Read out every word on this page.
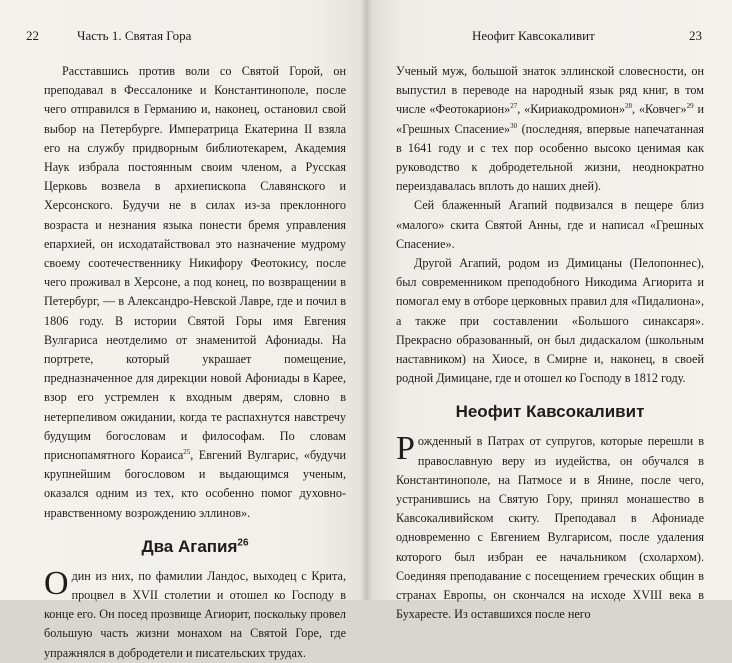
22	Часть 1. Святая Гора

Расставшись против воли со Святой Горой, он преподавал в Фессалонике и Константинополе, после чего отправился в Германию и, наконец, остановил свой выбор на Петербурге. Императрица Екатерина II взяла его на службу придворным библиотекарем, Академия Наук избрала постоянным своим членом, а Русская Церковь возвела в архиепископа Славянского и Херсонского. Будучи не в силах из-за преклонного возраста и незнания языка понести бремя управления епархией, он исходатайствовал это назначение мудрому своему соотечественнику Никифору Феотокису, после чего проживал в Херсоне, а под конец, по возвращении в Петербург, — в Александро-Невской Лавре, где и почил в 1806 году. В истории Святой Горы имя Евгения Вулгариса неотделимо от знаменитой Афониады. На портрете, который украшает помещение, предназначенное для дирекции новой Афониады в Карее, взор его устремлен к входным дверям, словно в нетерпеливом ожидании, когда те распахнутся навстречу будущим богословам и философам. По словам приснопамятного Кораиса$^{25}$, Евгений Вулгарис, «будучи крупнейшим богословом и выдающимся ученым, оказался одним из тех, кто особенно помог духовно-нравственному возрождению эллинов».

Два Агапия$^{26}$

Один из них, по фамилии Ландос, выходец с Крита, процвел в XVII столетии и отошел ко Господу в конце его. Он посед прозвище Агиорит, поскольку провел большую часть жизни монахом на Святой Горе, где упражнялся в добродетели и писательских трудах.

Неофит Кавсокаливит	23

Ученый муж, большой знаток эллинской словесности, он выпустил в переводе на народный язык ряд книг, в том числе «Феотокарион»$^{27}$, «Кириакодромион»$^{28}$, «Ковчег»$^{29}$ и «Грешных Спасение»$^{30}$ (последняя, впервые напечатанная в 1641 году и с тех пор особенно высоко ценимая как руководство к добродетельной жизни, неоднократно переиздавалась вплоть до наших дней).

Сей блаженный Агапий подвизался в пещере близ «малого» скита Святой Анны, где и написал «Грешных Спасение».

Другой Агапий, родом из Димицаны (Пелопоннес), был современником преподобного Никодима Агиорита и помогал ему в отборе церковных правил для «Пидалиона», а также при составлении «Большого синаксаря». Прекрасно образованный, он был дидаскалом (школьным наставником) на Хиосе, в Смирне и, наконец, в своей родной Димицане, где и отошел ко Господу в 1812 году.

Неофит Кавсокаливит

Рожденный в Патрах от супругов, которые перешли в православную веру из иудейства, он обучался в Константинополе, на Патмосе и в Янине, после чего, устранившись на Святую Гору, принял монашество в Кавсокаливийском скиту. Преподавал в Афониаде одновременно с Евгением Вулгарисом, после удаления которого был избран ее начальником (схолархом). Соединяя преподавание с посещением греческих общин в странах Европы, он скончался на исходе XVIII века в Бухаресте. Из оставшихся после него
